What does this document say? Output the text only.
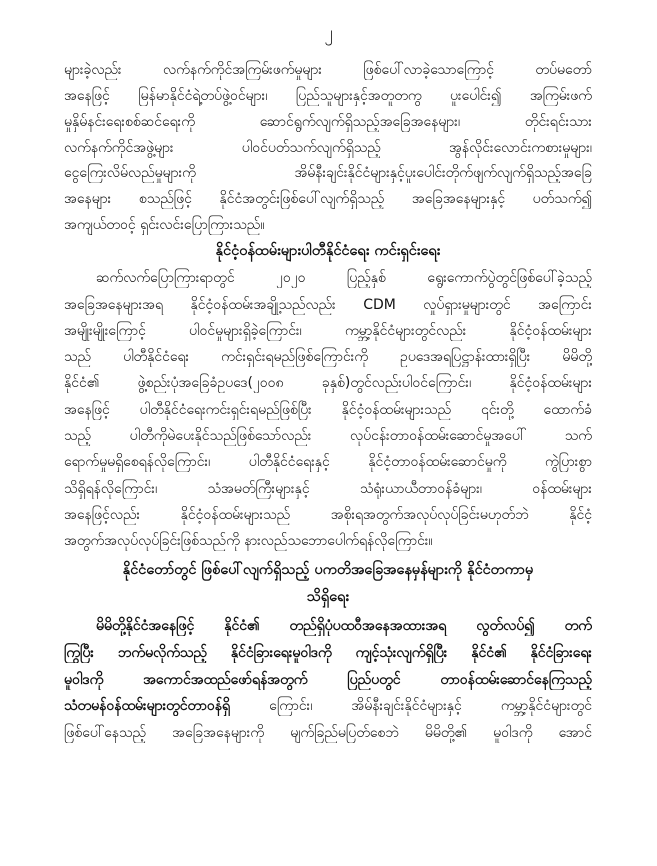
၂
များခဲ့လည်း လက်နက်ကိုင်အကြမ်းဖက်မှုများ ဖြစ်ပေါ်လာခဲ့သောကြောင့် တပ်မတော်
အနေဖြင့် မြန်မာနိုင်ငံရဲ့တပ်ဖွဲ့ဝင်များ၊ ပြည်သူများနှင့်အတူတကွ ပူးပေါင်း၍ အကြမ်းဖက်
မှုနှိမ်နင်းရေးစစ်ဆင်ရေးကို ဆောင်ရွက်လျက်ရှိသည့်အခြေအနေများ၊ တိုင်းရင်းသား
လက်နက်ကိုင်အဖွဲ့များ ပါဝင်ပတ်သက်လျက်ရှိသည့် အွန်လိုင်းလောင်းကစားမှုများ၊
ငွေကြေးလိမ်လည်မှုများကို အိမ်နီးချင်းနိုင်ငံများနှင့်ပူးပေါင်းတိုက်ဖျက်လျက်ရှိသည့်အခြေ
အနေများ စသည်ဖြင့် နိုင်ငံအတွင်းဖြစ်ပေါ်လျက်ရှိသည့် အခြေအနေများနှင့် ပတ်သက်၍
အကျယ်တဝင့် ရှင်းလင်းပြောကြားသည်။
နိုင်ငံ့ဝန်ထမ်းများပါတီနိုင်ငံရေး ကင်းရှင်းရေး
ဆက်လက်ပြောကြားရာတွင် ၂၀၂၀ ပြည့်နှစ် ရွေးကောက်ပွဲတွင်ဖြစ်ပေါ်ခဲ့သည့်
အခြေအနေများအရ နိုင်ငံ့ဝန်ထမ်းအချို့သည်လည်း CDM လှုပ်ရှားမှုများတွင် အကြောင်း
အမျိုးမျိုးကြောင့် ပါဝင်မှုများရှိခဲ့ကြောင်း၊ ကမ္ဘာ့နိုင်ငံများတွင်လည်း နိုင်ငံ့ဝန်ထမ်းများ
သည် ပါတီနိုင်ငံရေး ကင်းရှင်းရမည်ဖြစ်ကြောင်းကို ဥပဒေအရပြဋ္ဌာန်းထားရှိပြီး မိမိတို့
နိုင်ငံ၏ ဖွဲ့စည်းပုံအခြေခံဥပဒေ(၂၀၀၈ ခုနှစ်)တွင်လည်းပါဝင်ကြောင်း၊ နိုင်ငံ့ဝန်ထမ်းများ
အနေဖြင့် ပါတီနိုင်ငံရေးကင်းရှင်းရမည်ဖြစ်ပြီး နိုင်ငံ့ဝန်ထမ်းများသည် ၎င်းတို့ ထောက်ခံ
သည့် ပါတီကိုမဲပေးနိုင်သည်ဖြစ်သော်လည်း လုပ်ငန်းတာဝန်ထမ်းဆောင်မှုအပေါ် သက်
ရောက်မှုမရှိစေရန်လိုကြောင်း၊ ပါတီနိုင်ငံရေးနှင့် နိုင်ငံ့တာဝန်ထမ်းဆောင်မှုကို ကွဲပြားစွာ
သိရှိရန်လိုကြောင်း၊ သံအမတ်ကြီးများနှင့် သံရုံးယာယီတာဝန်ခံများ၊ ဝန်ထမ်းများ
အနေဖြင့်လည်း နိုင်ငံ့ဝန်ထမ်းများသည် အစိုးရအတွက်အလုပ်လုပ်ခြင်းမဟုတ်ဘဲ နိုင်ငံ့
အတွက်အလုပ်လုပ်ခြင်းဖြစ်သည်ကို နားလည်သဘောပေါက်ရန်လိုကြောင်း။
နိုင်ငံတော်တွင် ဖြစ်ပေါ်လျက်ရှိသည့် ပကတိအခြေအနေမှန်များကို နိုင်ငံတကာမှ
သိရှိရေး
မိမိတို့နိုင်ငံအနေဖြင့် နိုင်ငံ၏ တည်ရှိပုံပထဝီအနေအထားအရ လွတ်လပ်၍ တက်
ကြွပြီး ဘက်မလိုက်သည့် နိုင်ငံခြားရေးမူဝါဒကို ကျင့်သုံးလျက်ရှိပြီး နိုင်ငံ၏ နိုင်ငံခြားရေး
မူဝါဒကို အကောင်အထည်ဖော်ရန်အတွက် ပြည်ပတွင် တာဝန်ထမ်းဆောင်နေကြသည့်
သံတမန်ဝန်ထမ်းများတွင်တာဝန်ရှိ ကြောင်း၊ အိမ်နီးချင်းနိုင်ငံများနှင့် ကမ္ဘာ့နိုင်ငံများတွင်
ဖြစ်ပေါ်နေသည့် အခြေအနေများကို မျက်ခြည်မပြတ်စေဘဲ မိမိတို့၏ မူဝါဒကို အောင်
